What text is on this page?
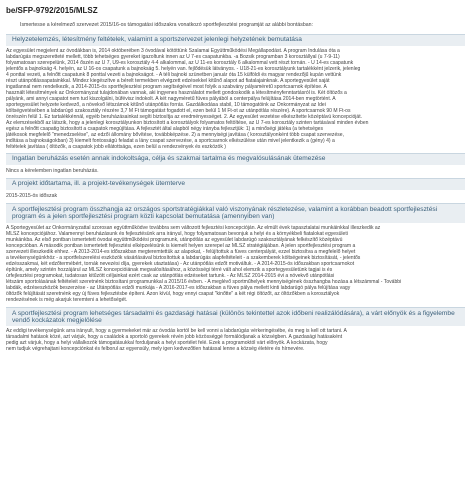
be/SFP-9792/2015/MLSZ
Ismertesse a kérelmező szervezet 2015/16-os támogatási időszakra vonatkozó sportfejlesztési programját az alábbi bontásban:
Helyzetelemzés, létesítmény feltételek, valamint a sportszervezet jelenlegi helyzetének bemutatása
Az egyesület megjelent az óvodákban is, 2014 októberében 3 óvodával kötöttünk Szalamai Együttműködési Megállapodást. A program Indulása óta a
labdarúgás megszeretteté mellett, több tehetséges gyereket igazoltunk innen az U 7-es csapatunkba. -a Bozsik programban 3 korosztállyal (u 7-9-11)
folyamatosan szerepelünk, 2014 őszén az U 7, U9-es korosztály 4-4 alkalommal, az U 11-es korosztály 6 alkalommal vett részt tornán. - U 14-es csapatunk
jelentős a bajnokság 4. helyén, az U 16-os csapatunk a bajnokság 5. helyén van. fejlődésük látványos. - U18-21-es korosztályunk tartalékként jelzerik, jelenleg
4 ponttal vezeti, a felnőtt csapatunk 8 ponttal vezeti a bajnokságot. - A téli bajnoki szünetben január óta 15 külföldi és magyar rendezőjű kupán vettünk
részt utánpótlássapatainkkal. Mindez kiegészítve a bérelt termekben elvégzett edzésekkel kitűnő alapot ad fiatalajainknak. A sportegyesület saját
ingatlannal nem rendelkezik, a 2014-2015-ös sportfejlesztési program segítségével most folyik a szabvány pályaméretű sportcsarnok építése. A
használt létesítmények az Önkormányzat tulajdonában vannak, aki ingyenes használatot mellett gondoskodik a létesítményfenntartásról is. Két öltözős a
pályánk, ami annyi csapatot nem tud kiszolgálni, büfévisz indokolt. A két nagyméretű füves pályából a centerpálya felújítása 2014-ben megtörtént. A
sportegyesület helyzete kedvező, a növekvő létszámok kitűnő utánpótlás forrás. Gazdálkodása stabil, 10 támogatóink az Önkormányzat az Idei
költségvetésében a labdarúgó szakosztály részére 3,7 M Ft támogatást fogadott el, ezen belül 1 M Ft-ot az utánpótlás részére). A sportcsarnok 90 M Ft-os
önrészén felül 1. Ez tartalékkénnál, egyéb beruházásainkat segíti biztosítja az eredményességet. 2. Az egyesület vezetése elkészítette középtávú koncepcióját.
Az elemzésekből az látszik, hogy a jelenlegi korosztályunkon biztosított a korosztályok folyamatos feltöltése, az U 7-es korosztály szinten tartásával minden évben
egész a felnőtt csapatig biztosított a csapatok megújítása. A fejlesztét által alapból négy irányba fejlesztjük: 1) a minőségi játéka (a tehetséges
játékosok megfelelő "menedzselése", az edzői állomány bővítése, továbbképzése. 2) a mennyiségi javítása ( korosztályonként több csapat szervezése,
indítása a bajnokságokban) 3) kiemelt fontosságú feladat a lány csapat szervezése, a sportcsarnok elkészülése után mivel jelentkezik a (gény) 4) a
feltételek javítása ( öltözők, a csapatok jobb ellátottsága, ezen belül a rendezvények és eszközök )
Ingatlan beruházás esetén annak indokoltsága, célja és szakmai tartalma és megvalósulásának ütemezése
Nincs a kérelemben ingatlan beruházás.
A projekt időtartama, ill. a projekt-tevékenységek ütemterve
2015-2015-ös időszak
A sportfejlesztési program összhangja az országos sportstratégiákkal való viszonyának részletezése, valamint a korábban beadott sportfejlesztési program és a jelen sportfejlesztési program közti kapcsolat bemutatása (amennyiben van)
A Sportegyesület az Önkormányzattal szorosan együttműködve továbbra sem változott fejlesztési koncepcióján. Az elmúlt évek tapasztalatai munkáinkkal illeszkedik az
MLSZ koncepciójához. Valamennyi beruházásunk és fejlesztésünk arra irányul, hogy folyamatosan bevonjuk a helyi és a környékbeli fiatalokat egyesületi
munkánkba. Az első pontban ismertetett óvodai együttműködési programunk, utánpótlás az egyesület labdarúgó szakosztályának felkészítő középtávú
koncepcióban. A második pontban ismertetett fejlesztési elképzelésünk is kiemelt helyen szerepel az MLSZ stratégiájában. A jelen sportfejlesztési program a
szervezeti illeszkedik ehhez. - A 2013-2014-es időszakban megteremtettük az alapokat, - felújítottuk a füves centerpályát, ezzel biztosítva a megfelelő helyet
a tevékenységünkhöz - a sportfelszerelési eszközök vásárlásával biztosítottuk a labdarúgás alapfeltételeit - a szakemberek költségeinek biztosítását, - jelentős
edzésszakmai, két edzőtermébért, tornák nevezési díja, gyerekek utaztatása) - Az utánpótlás edzőt motiváltuk. - A 2014-2015-ös időszakban sportcsarnokot
építünk, amely szintén hozzájárul az MLSZ koncepcióiának megvalósításához, a közösségi térré vált ahol elemzik a sportegyesületünk tagjai is és
úrfejlesztési programokat, tudatosan kitűzött céljainkat ezért csak az utánpótlás edzéseket tartunk. - Az MLSZ 2014-2015 évi a növekvő utánpótlási
létszám sportolásának feltételeit szeretnénk biztosítani programunkkal a 2015/16 évben. - A meglévő sportműhelyek mennyiségének összhangba hozása a létszámmal - További
labdák, edzéseszközök beszerzése - az Utánpótlás edzői munkája - A 2016-2017-es időszakban a füves pálya mellett kinti labdarúgó pálya felújítása vagy
öltözők felújítását szeretnénk egy új füves fejlesztésbe építeni. Azon kívül, hogy ennyi csapat "kinőtte" a két régi öltözőt, az öltözőkben a korosztályok
rendezésének is még akarjuk teremteni a lehetőségét.
A sportfejlesztési program lehetséges társadalmi és gazdasági hatásai (különös tekintettel azok időbeni realizálódására), a várt előnyök és a figyelembe vendő kockázatok megjelölése
Az eddigi tevékenységünk arra irányult, hogy a gyermekeket már az óvodás kortól be kell vonni a labdarúgás vérkeringésébe, és meg is kell ott tartani. A
társadalmi hatások közé, azt várjuk, hogy a családok a sportoló gyerekek révén jobb közösséggé formálódjanak a községben. A gazdasági hatásaként
pedig azt várjuk, hogy a helyi vállalkozók támogatásukkal forduljanak a helyi sportélet felé. Ezek a programoktól várt előnyök. A kockázata, hogy
nem tudjuk végrehajtani koncepciónkat és felborul az egyensúly, mely igen kedvezőtlen hatással lenne a község életére és hírnevére.
